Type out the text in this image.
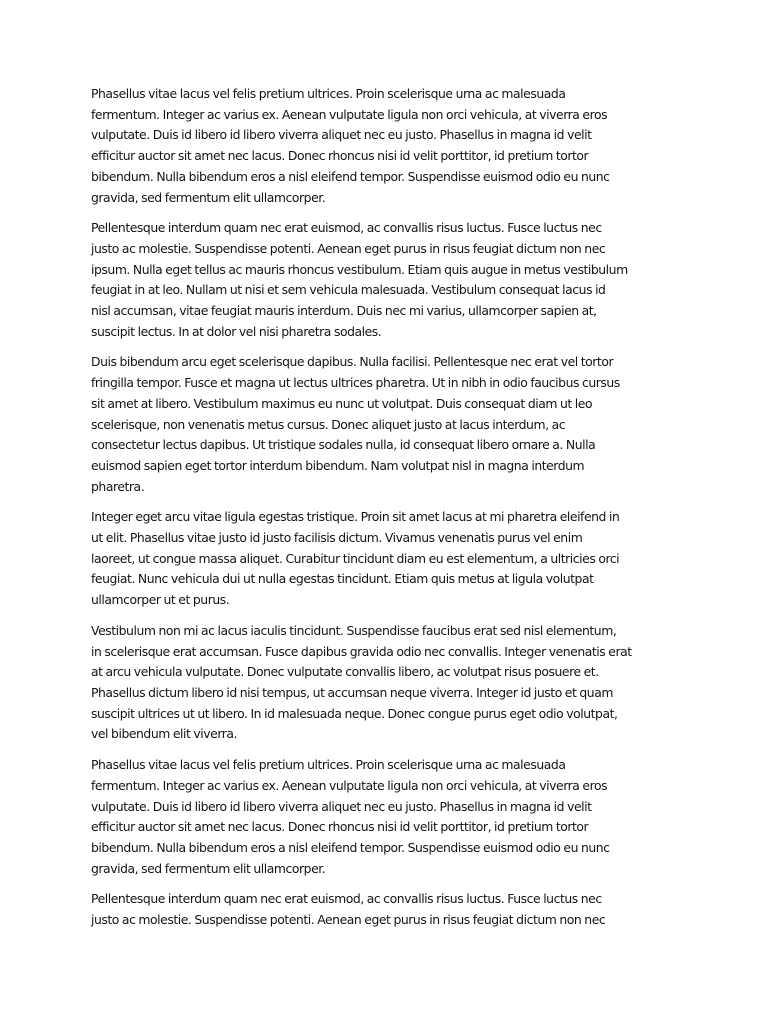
Phasellus vitae lacus vel felis pretium ultrices. Proin scelerisque urna ac malesuada
fermentum. Integer ac varius ex. Aenean vulputate ligula non orci vehicula, at viverra eros
vulputate. Duis id libero id libero viverra aliquet nec eu justo. Phasellus in magna id velit
efficitur auctor sit amet nec lacus. Donec rhoncus nisi id velit porttitor, id pretium tortor
bibendum. Nulla bibendum eros a nisl eleifend tempor. Suspendisse euismod odio eu nunc
gravida, sed fermentum elit ullamcorper.

Pellentesque interdum quam nec erat euismod, ac convallis risus luctus. Fusce luctus nec
justo ac molestie. Suspendisse potenti. Aenean eget purus in risus feugiat dictum non nec
ipsum. Nulla eget tellus ac mauris rhoncus vestibulum. Etiam quis augue in metus vestibulum
feugiat in at leo. Nullam ut nisi et sem vehicula malesuada. Vestibulum consequat lacus id
nisl accumsan, vitae feugiat mauris interdum. Duis nec mi varius, ullamcorper sapien at,
suscipit lectus. In at dolor vel nisi pharetra sodales.

Duis bibendum arcu eget scelerisque dapibus. Nulla facilisi. Pellentesque nec erat vel tortor
fringilla tempor. Fusce et magna ut lectus ultrices pharetra. Ut in nibh in odio faucibus cursus
sit amet at libero. Vestibulum maximus eu nunc ut volutpat. Duis consequat diam ut leo
scelerisque, non venenatis metus cursus. Donec aliquet justo at lacus interdum, ac
consectetur lectus dapibus. Ut tristique sodales nulla, id consequat libero ornare a. Nulla
euismod sapien eget tortor interdum bibendum. Nam volutpat nisl in magna interdum
pharetra.

Integer eget arcu vitae ligula egestas tristique. Proin sit amet lacus at mi pharetra eleifend in
ut elit. Phasellus vitae justo id justo facilisis dictum. Vivamus venenatis purus vel enim
laoreet, ut congue massa aliquet. Curabitur tincidunt diam eu est elementum, a ultricies orci
feugiat. Nunc vehicula dui ut nulla egestas tincidunt. Etiam quis metus at ligula volutpat
ullamcorper ut et purus.

Vestibulum non mi ac lacus iaculis tincidunt. Suspendisse faucibus erat sed nisl elementum,
in scelerisque erat accumsan. Fusce dapibus gravida odio nec convallis. Integer venenatis erat
at arcu vehicula vulputate. Donec vulputate convallis libero, ac volutpat risus posuere et.
Phasellus dictum libero id nisi tempus, ut accumsan neque viverra. Integer id justo et quam
suscipit ultrices ut ut libero. In id malesuada neque. Donec congue purus eget odio volutpat,
vel bibendum elit viverra.

Phasellus vitae lacus vel felis pretium ultrices. Proin scelerisque urna ac malesuada
fermentum. Integer ac varius ex. Aenean vulputate ligula non orci vehicula, at viverra eros
vulputate. Duis id libero id libero viverra aliquet nec eu justo. Phasellus in magna id velit
efficitur auctor sit amet nec lacus. Donec rhoncus nisi id velit porttitor, id pretium tortor
bibendum. Nulla bibendum eros a nisl eleifend tempor. Suspendisse euismod odio eu nunc
gravida, sed fermentum elit ullamcorper.

Pellentesque interdum quam nec erat euismod, ac convallis risus luctus. Fusce luctus nec
justo ac molestie. Suspendisse potenti. Aenean eget purus in risus feugiat dictum non nec
